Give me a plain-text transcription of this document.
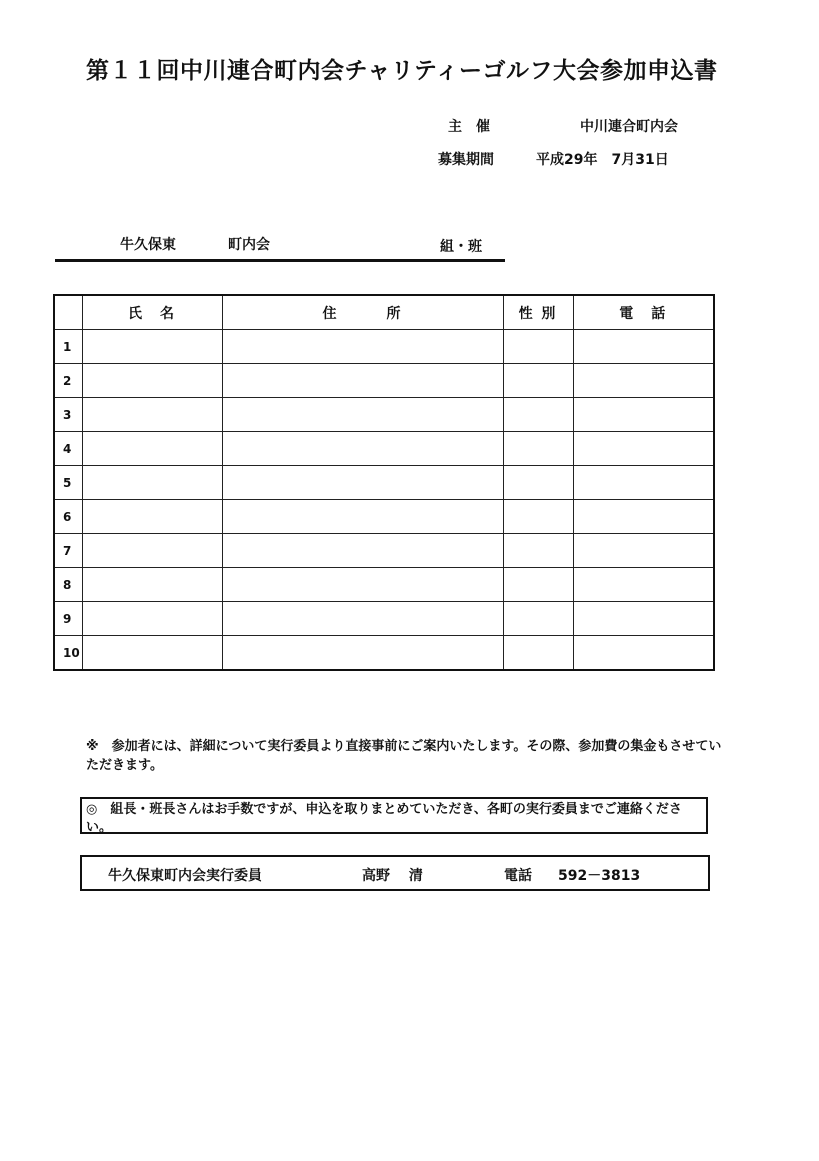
第１１回中川連合町内会チャリティーゴルフ大会参加申込書
主　催	中川連合町内会
募集期間	平成29年　7月31日
牛久保東	町内会	組・班
	氏　名	住　　　所	性 別	電　話
1				
2				
3				
4				
5				
6				
7				
8				
9				
10				
※　参加者には、詳細について実行委員より直接事前にご案内いたします。その際、参加費の集金もさせていただきます。
◎　組長・班長さんはお手数ですが、申込を取りまとめていただき、各町の実行委員までご連絡ください。
牛久保東町内会実行委員	高野　 清	電話 592－3813
